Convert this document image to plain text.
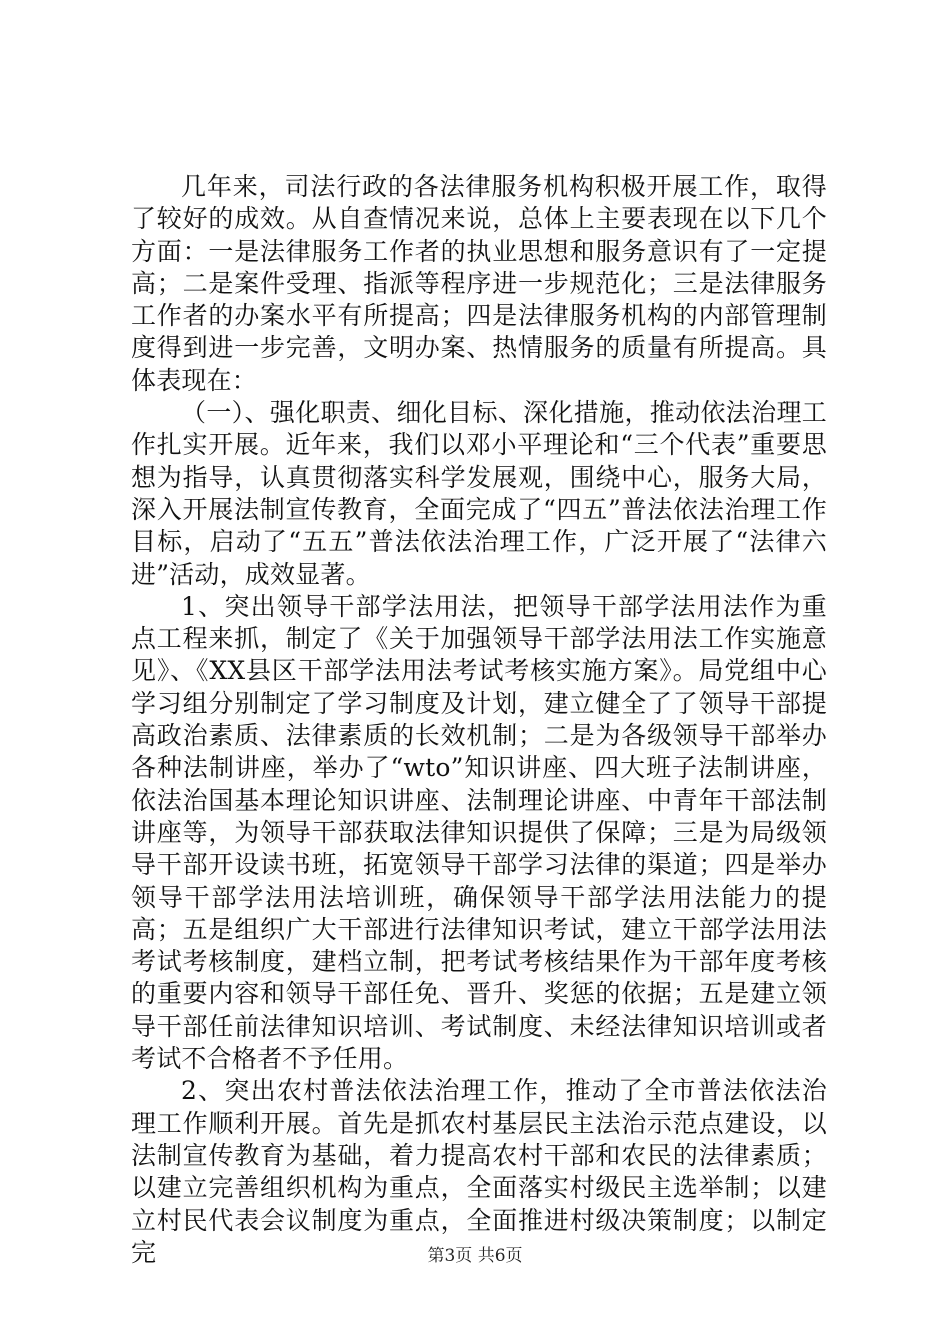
几年来，司法行政的各法律服务机构积极开展工作，取得了较好的成效。从自查情况来说，总体上主要表现在以下几个方面：一是法律服务工作者的执业思想和服务意识有了一定提高；二是案件受理、指派等程序进一步规范化；三是法律服务工作者的办案水平有所提高；四是法律服务机构的内部管理制度得到进一步完善，文明办案、热情服务的质量有所提高。具体表现在：

（一）、强化职责、细化目标、深化措施，推动依法治理工作扎实开展。近年来，我们以邓小平理论和“三个代表”重要思想为指导，认真贯彻落实科学发展观，围绕中心，服务大局，深入开展法制宣传教育，全面完成了“四五”普法依法治理工作目标，启动了“五五”普法依法治理工作，广泛开展了“法律六进”活动，成效显著。

1、突出领导干部学法用法，把领导干部学法用法作为重点工程来抓，制定了《关于加强领导干部学法用法工作实施意见》、《XX县区干部学法用法考试考核实施方案》。局党组中心学习组分别制定了学习制度及计划，建立健全了了领导干部提高政治素质、法律素质的长效机制；二是为各级领导干部举办各种法制讲座，举办了“wto”知识讲座、四大班子法制讲座，依法治国基本理论知识讲座、法制理论讲座、中青年干部法制讲座等，为领导干部获取法律知识提供了保障；三是为局级领导干部开设读书班，拓宽领导干部学习法律的渠道；四是举办领导干部学法用法培训班，确保领导干部学法用法能力的提高；五是组织广大干部进行法律知识考试，建立干部学法用法考试考核制度，建档立制，把考试考核结果作为干部年度考核的重要内容和领导干部任免、晋升、奖惩的依据；五是建立领导干部任前法律知识培训、考试制度、未经法律知识培训或者考试不合格者不予任用。

2、突出农村普法依法治理工作，推动了全市普法依法治理工作顺利开展。首先是抓农村基层民主法治示范点建设，以法制宣传教育为基础，着力提高农村干部和农民的法律素质；以建立完善组织机构为重点，全面落实村级民主选举制；以建立村民代表会议制度为重点，全面推进村级决策制度；以制定完	第3页 共6页
